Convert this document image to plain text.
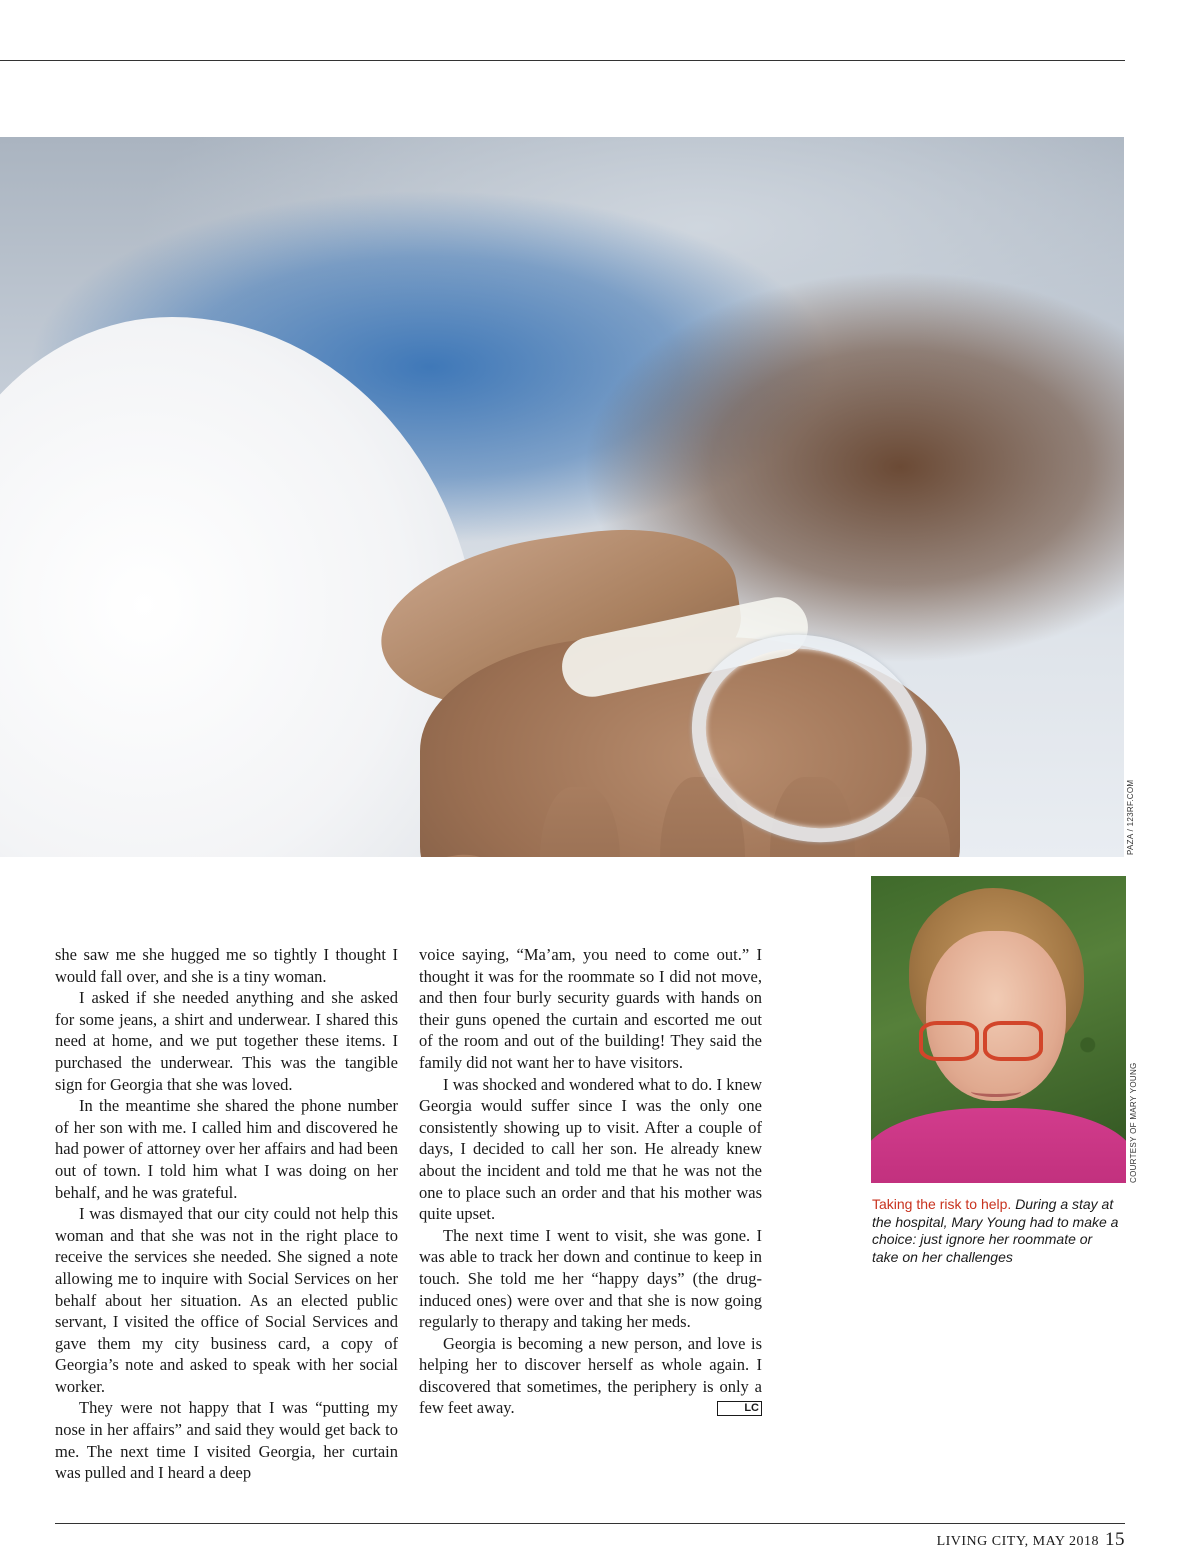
PAZA / 123RF.COM

she saw me she hugged me so tightly I thought I would fall over, and she is a tiny woman.

I asked if she needed anything and she asked for some jeans, a shirt and underwear. I shared this need at home, and we put together these items. I purchased the underwear. This was the tangible sign for Georgia that she was loved.

In the meantime she shared the phone number of her son with me. I called him and discovered he had power of attorney over her affairs and had been out of town. I told him what I was doing on her behalf, and he was grateful.

I was dismayed that our city could not help this woman and that she was not in the right place to receive the services she needed. She signed a note allowing me to inquire with Social Services on her behalf about her situation. As an elected public servant, I visited the office of Social Services and gave them my city business card, a copy of Georgia’s note and asked to speak with her social worker.

They were not happy that I was “putting my nose in her affairs” and said they would get back to me. The next time I visited Georgia, her curtain was pulled and I heard a deep

voice saying, “Ma’am, you need to come out.” I thought it was for the roommate so I did not move, and then four burly security guards with hands on their guns opened the curtain and escorted me out of the room and out of the building! They said the family did not want her to have visitors.

I was shocked and wondered what to do. I knew Georgia would suffer since I was the only one consistently showing up to visit. After a couple of days, I decided to call her son. He already knew about the incident and told me that he was not the one to place such an order and that his mother was quite upset.

The next time I went to visit, she was gone. I was able to track her down and continue to keep in touch. She told me her “happy days” (the drug-induced ones) were over and that she is now going regularly to therapy and taking her meds.

Georgia is becoming a new person, and love is helping her to discover herself as whole again. I discovered that sometimes, the periphery is only a few feet away.	LC

COURTESY OF MARY YOUNG
Taking the risk to help. During a stay at the hospital, Mary Young had to make a choice: just ignore her roommate or take on her challenges
LIVING CITY, MAY 2018 15
